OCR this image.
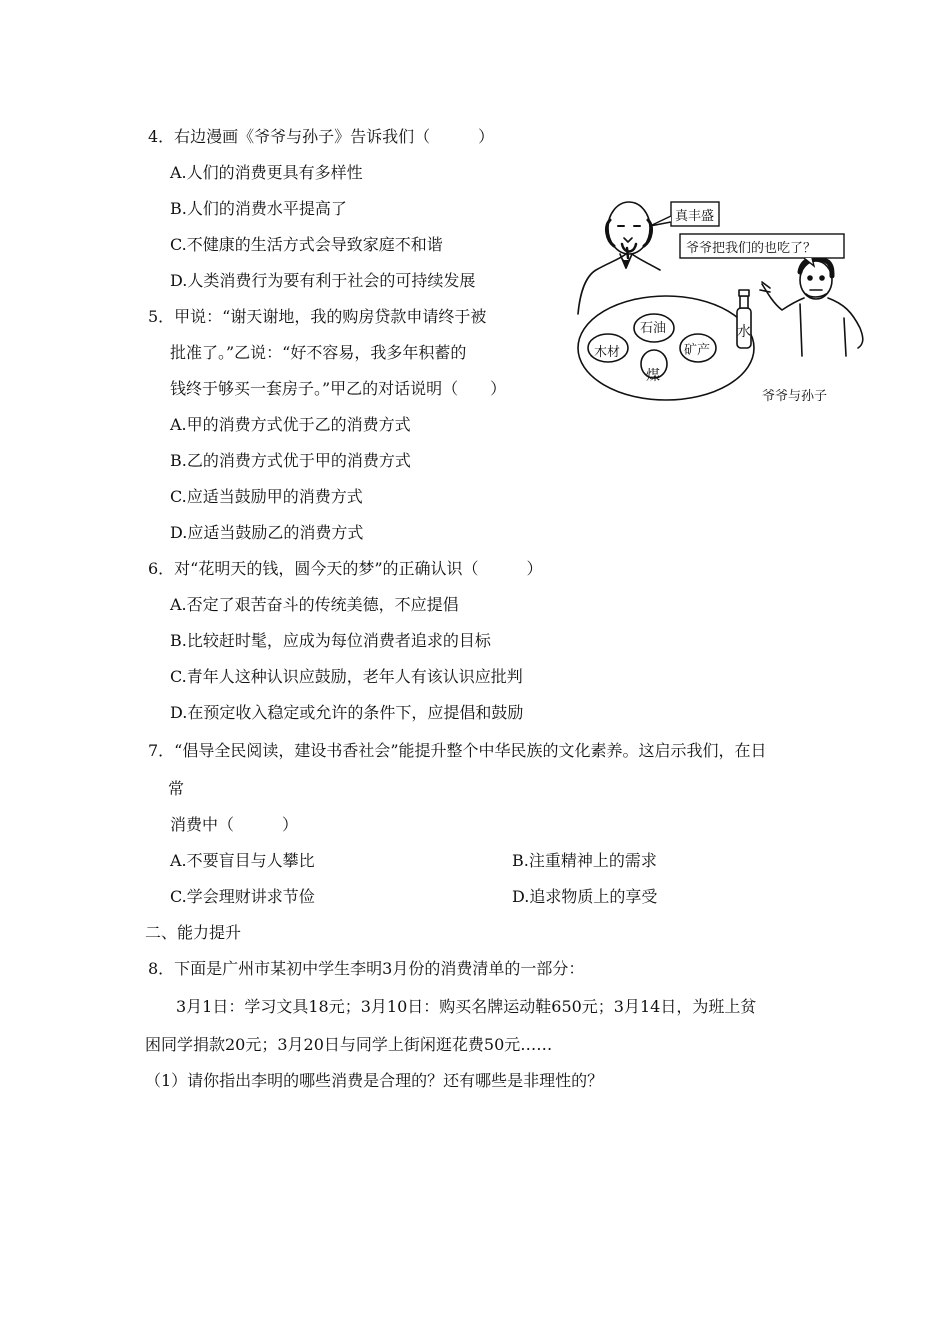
4．右边漫画《爷爷与孙子》告诉我们（　　　）
A.人们的消费更具有多样性
B.人们的消费水平提高了
C.不健康的生活方式会导致家庭不和谐
D.人类消费行为要有利于社会的可持续发展
5．甲说：“谢天谢地，我的购房贷款申请终于被
批准了。”乙说：“好不容易，我多年积蓄的
钱终于够买一套房子。”甲乙的对话说明（　　）
A.甲的消费方式优于乙的消费方式
B.乙的消费方式优于甲的消费方式
C.应适当鼓励甲的消费方式
D.应适当鼓励乙的消费方式
6．对“花明天的钱，圆今天的梦”的正确认识（　　　）
A.否定了艰苦奋斗的传统美德，不应提倡
B.比较赶时髦，应成为每位消费者追求的目标
C.青年人这种认识应鼓励，老年人有该认识应批判
D.在预定收入稳定或允许的条件下，应提倡和鼓励
7．“倡导全民阅读，建设书香社会”能提升整个中华民族的文化素养。这启示我们，在日
常
消费中（　　　）
A.不要盲目与人攀比	B.注重精神上的需求
C.学会理财讲求节俭	D.追求物质上的享受
二、能力提升
8．下面是广州市某初中学生李明3月份的消费清单的一部分：
3月1日：学习文具18元；3月10日：购买名牌运动鞋650元；3月14日，为班上贫
困同学捐款20元；3月20日与同学上街闲逛花费50元……
（1）请你指出李明的哪些消费是合理的？还有哪些是非理性的？
真丰盛
爷爷把我们的也吃了？
石油
木材
煤
矿产
水
爷爷与孙子
